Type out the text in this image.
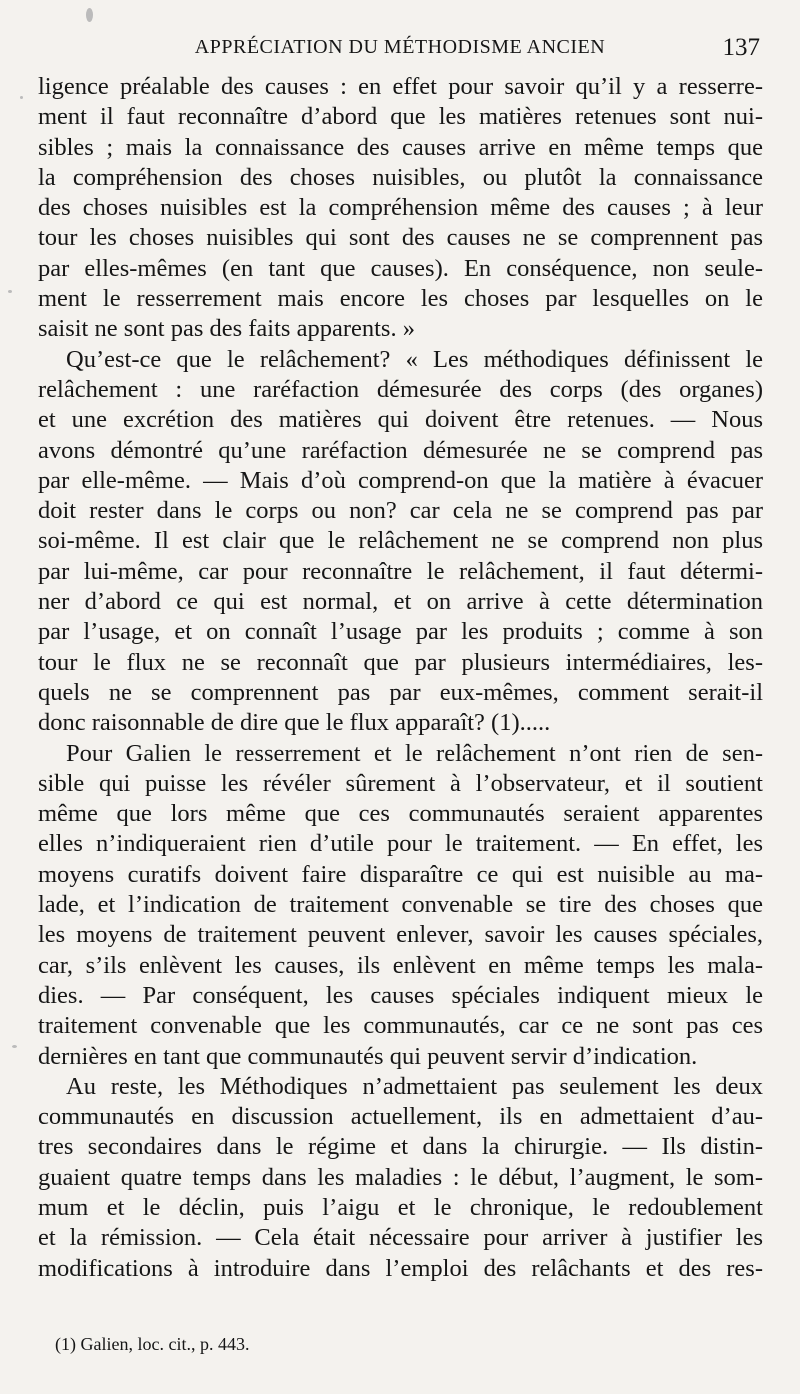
APPRÉCIATION DU MÉTHODISME ANCIEN	137
ligence préalable des causes : en effet pour savoir qu’il y a resserre-
ment il faut reconnaître d’abord que les matières retenues sont nui-
sibles ; mais la connaissance des causes arrive en même temps que
la compréhension des choses nuisibles, ou plutôt la connaissance
des choses nuisibles est la compréhension même des causes ; à leur
tour les choses nuisibles qui sont des causes ne se comprennent pas
par elles-mêmes (en tant que causes). En conséquence, non seule-
ment le resserrement mais encore les choses par lesquelles on le
saisit ne sont pas des faits apparents. »
Qu’est-ce que le relâchement? « Les méthodiques définissent le
relâchement : une raréfaction démesurée des corps (des organes)
et une excrétion des matières qui doivent être retenues. — Nous
avons démontré qu’une raréfaction démesurée ne se comprend pas
par elle-même. — Mais d’où comprend-on que la matière à évacuer
doit rester dans le corps ou non? car cela ne se comprend pas par
soi-même. Il est clair que le relâchement ne se comprend non plus
par lui-même, car pour reconnaître le relâchement, il faut détermi-
ner d’abord ce qui est normal, et on arrive à cette détermination
par l’usage, et on connaît l’usage par les produits ; comme à son
tour le flux ne se reconnaît que par plusieurs intermédiaires, les-
quels ne se comprennent pas par eux-mêmes, comment serait-il
donc raisonnable de dire que le flux apparaît? (1).....
Pour Galien le resserrement et le relâchement n’ont rien de sen-
sible qui puisse les révéler sûrement à l’observateur, et il soutient
même que lors même que ces communautés seraient apparentes
elles n’indiqueraient rien d’utile pour le traitement. — En effet, les
moyens curatifs doivent faire disparaître ce qui est nuisible au ma-
lade, et l’indication de traitement convenable se tire des choses que
les moyens de traitement peuvent enlever, savoir les causes spéciales,
car, s’ils enlèvent les causes, ils enlèvent en même temps les mala-
dies. — Par conséquent, les causes spéciales indiquent mieux le
traitement convenable que les communautés, car ce ne sont pas ces
dernières en tant que communautés qui peuvent servir d’indication.
Au reste, les Méthodiques n’admettaient pas seulement les deux
communautés en discussion actuellement, ils en admettaient d’au-
tres secondaires dans le régime et dans la chirurgie. — Ils distin-
guaient quatre temps dans les maladies : le début, l’augment, le som-
mum et le déclin, puis l’aigu et le chronique, le redoublement
et la rémission. — Cela était nécessaire pour arriver à justifier les
modifications à introduire dans l’emploi des relâchants et des res-
(1) Galien, loc. cit., p. 443.
